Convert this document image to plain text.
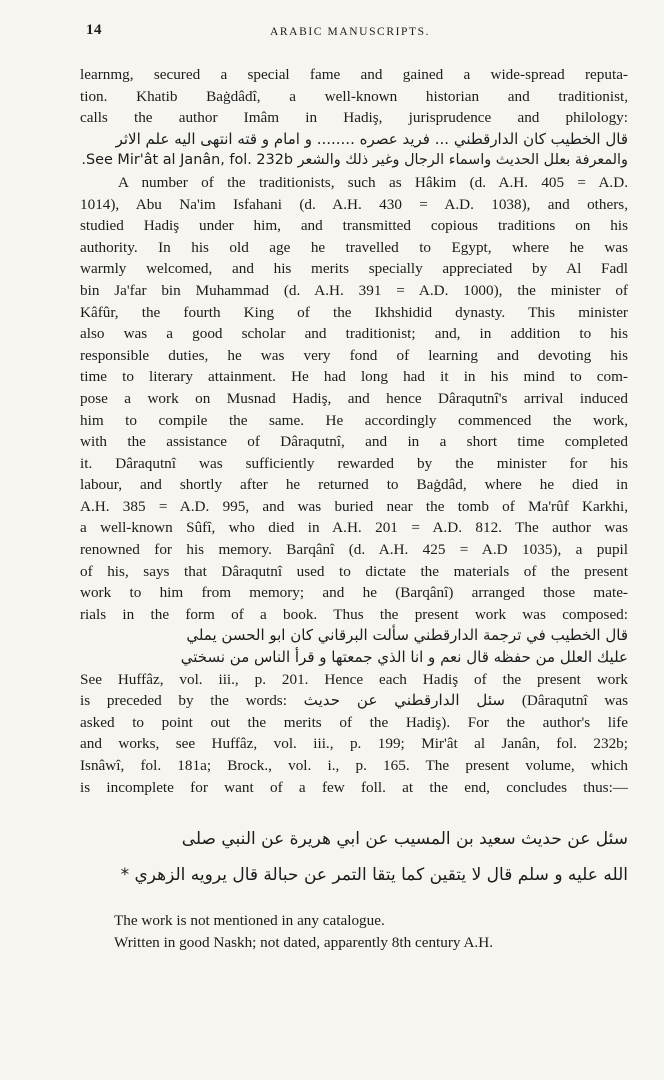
14	ARABIC MANUSCRIPTS.
learnmg, secured a special fame and gained a wide-spread reputa-
tion. Khatib Baġdâdî, a well-known historian and traditionist,
calls the author Imâm in Hadiş, jurisprudence and philology:
قال الخطيب كان الدارقطني ... فريد عصره ........ و امام و قته انتهى اليه علم الاثر
والمعرفة بعلل الحديث واسماء الرجال وغير ذلك والشعر See Mir'ât al Janân, fol. 232b.
A number of the traditionists, such as Hâkim (d. A.H. 405 = A.D.
1014), Abu Na'im Isfahani (d. A.H. 430 = A.D. 1038), and others,
studied Hadiş under him, and transmitted copious traditions on his
authority. In his old age he travelled to Egypt, where he was
warmly welcomed, and his merits specially appreciated by Al Fadl
bin Ja'far bin Muhammad (d. A.H. 391 = A.D. 1000), the minister of
Kâfûr, the fourth King of the Ikhshidid dynasty. This minister
also was a good scholar and traditionist; and, in addition to his
responsible duties, he was very fond of learning and devoting his
time to literary attainment. He had long had it in his mind to com-
pose a work on Musnad Hadiş, and hence Dâraqutnî's arrival induced
him to compile the same. He accordingly commenced the work,
with the assistance of Dâraqutnî, and in a short time completed
it. Dâraqutnî was sufficiently rewarded by the minister for his
labour, and shortly after he returned to Baġdâd, where he died in
A.H. 385 = A.D. 995, and was buried near the tomb of Ma'rûf Karkhi,
a well-known Sûfî, who died in A.H. 201 = A.D. 812. The author was
renowned for his memory. Barqânî (d. A.H. 425 = A.D 1035), a pupil
of his, says that Dâraqutnî used to dictate the materials of the present
work to him from memory; and he (Barqânî) arranged those mate-
rials in the form of a book. Thus the present work was composed:
قال الخطيب في ترجمة الدارقطني سألت البرقاني كان ابو الحسن يملي
عليك العلل من حفظه قال نعم و انا الذي جمعتها و قرأ الناس من نسختي
See Huffâz, vol. iii., p. 201. Hence each Hadiş of the present work
is preceded by the words: سئل الدارقطني عن حديث (Dâraqutnî was
asked to point out the merits of the Hadiş). For the author's life
and works, see Huffâz, vol. iii., p. 199; Mir'ât al Janân, fol. 232b;
Isnâwî, fol. 181a; Brock., vol. i., p. 165. The present volume, which
is incomplete for want of a few foll. at the end, concludes thus:—
سئل عن حديث سعيد بن المسيب عن ابي هريرة عن النبي صلى
الله عليه و سلم قال لا يتقين كما يتقا التمر عن حبالة قال يرويه الزهري *
The work is not mentioned in any catalogue.
Written in good Naskh; not dated, apparently 8th century A.H.
